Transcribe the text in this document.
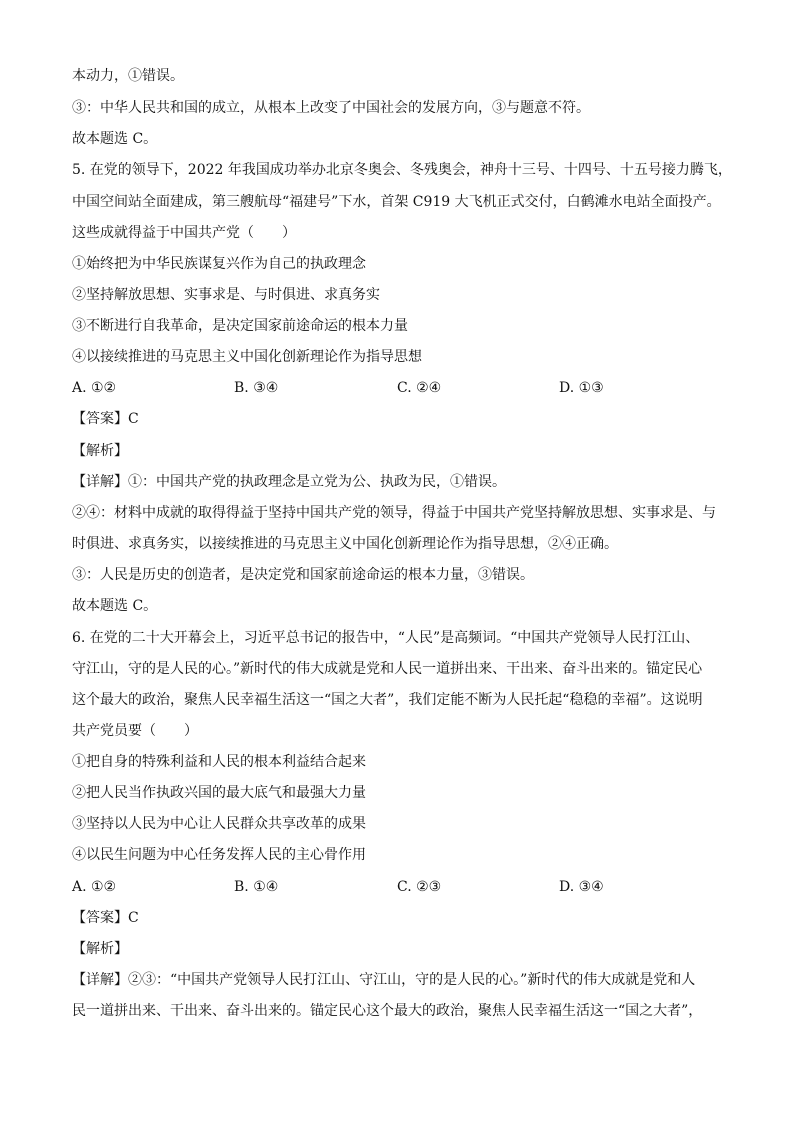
本动力，①错误。
③：中华人民共和国的成立，从根本上改变了中国社会的发展方向，③与题意不符。
故本题选 C。
5. 在党的领导下，2022 年我国成功举办北京冬奥会、冬残奥会，神舟十三号、十四号、十五号接力腾飞，
中国空间站全面建成，第三艘航母“福建号”下水，首架 C919 大飞机正式交付，白鹤滩水电站全面投产。
这些成就得益于中国共产党（　　）
①始终把为中华民族谋复兴作为自己的执政理念
②坚持解放思想、实事求是、与时俱进、求真务实
③不断进行自我革命，是决定国家前途命运的根本力量
④以接续推进的马克思主义中国化创新理论作为指导思想
A. ①②	B. ③④	C. ②④	D. ①③
【答案】C
【解析】
【详解】①：中国共产党的执政理念是立党为公、执政为民，①错误。
②④：材料中成就的取得得益于坚持中国共产党的领导，得益于中国共产党坚持解放思想、实事求是、与
时俱进、求真务实，以接续推进的马克思主义中国化创新理论作为指导思想，②④正确。
③：人民是历史的创造者，是决定党和国家前途命运的根本力量，③错误。
故本题选 C。
6. 在党的二十大开幕会上，习近平总书记的报告中，“人民”是高频词。“中国共产党领导人民打江山、
守江山，守的是人民的心。”新时代的伟大成就是党和人民一道拼出来、干出来、奋斗出来的。锚定民心
这个最大的政治，聚焦人民幸福生活这一“国之大者”，我们定能不断为人民托起“稳稳的幸福”。这说明
共产党员要（　　）
①把自身的特殊利益和人民的根本利益结合起来
②把人民当作执政兴国的最大底气和最强大力量
③坚持以人民为中心让人民群众共享改革的成果
④以民生问题为中心任务发挥人民的主心骨作用
A. ①②	B. ①④	C. ②③	D. ③④
【答案】C
【解析】
【详解】②③：“中国共产党领导人民打江山、守江山，守的是人民的心。”新时代的伟大成就是党和人
民一道拼出来、干出来、奋斗出来的。锚定民心这个最大的政治，聚焦人民幸福生活这一“国之大者”，
